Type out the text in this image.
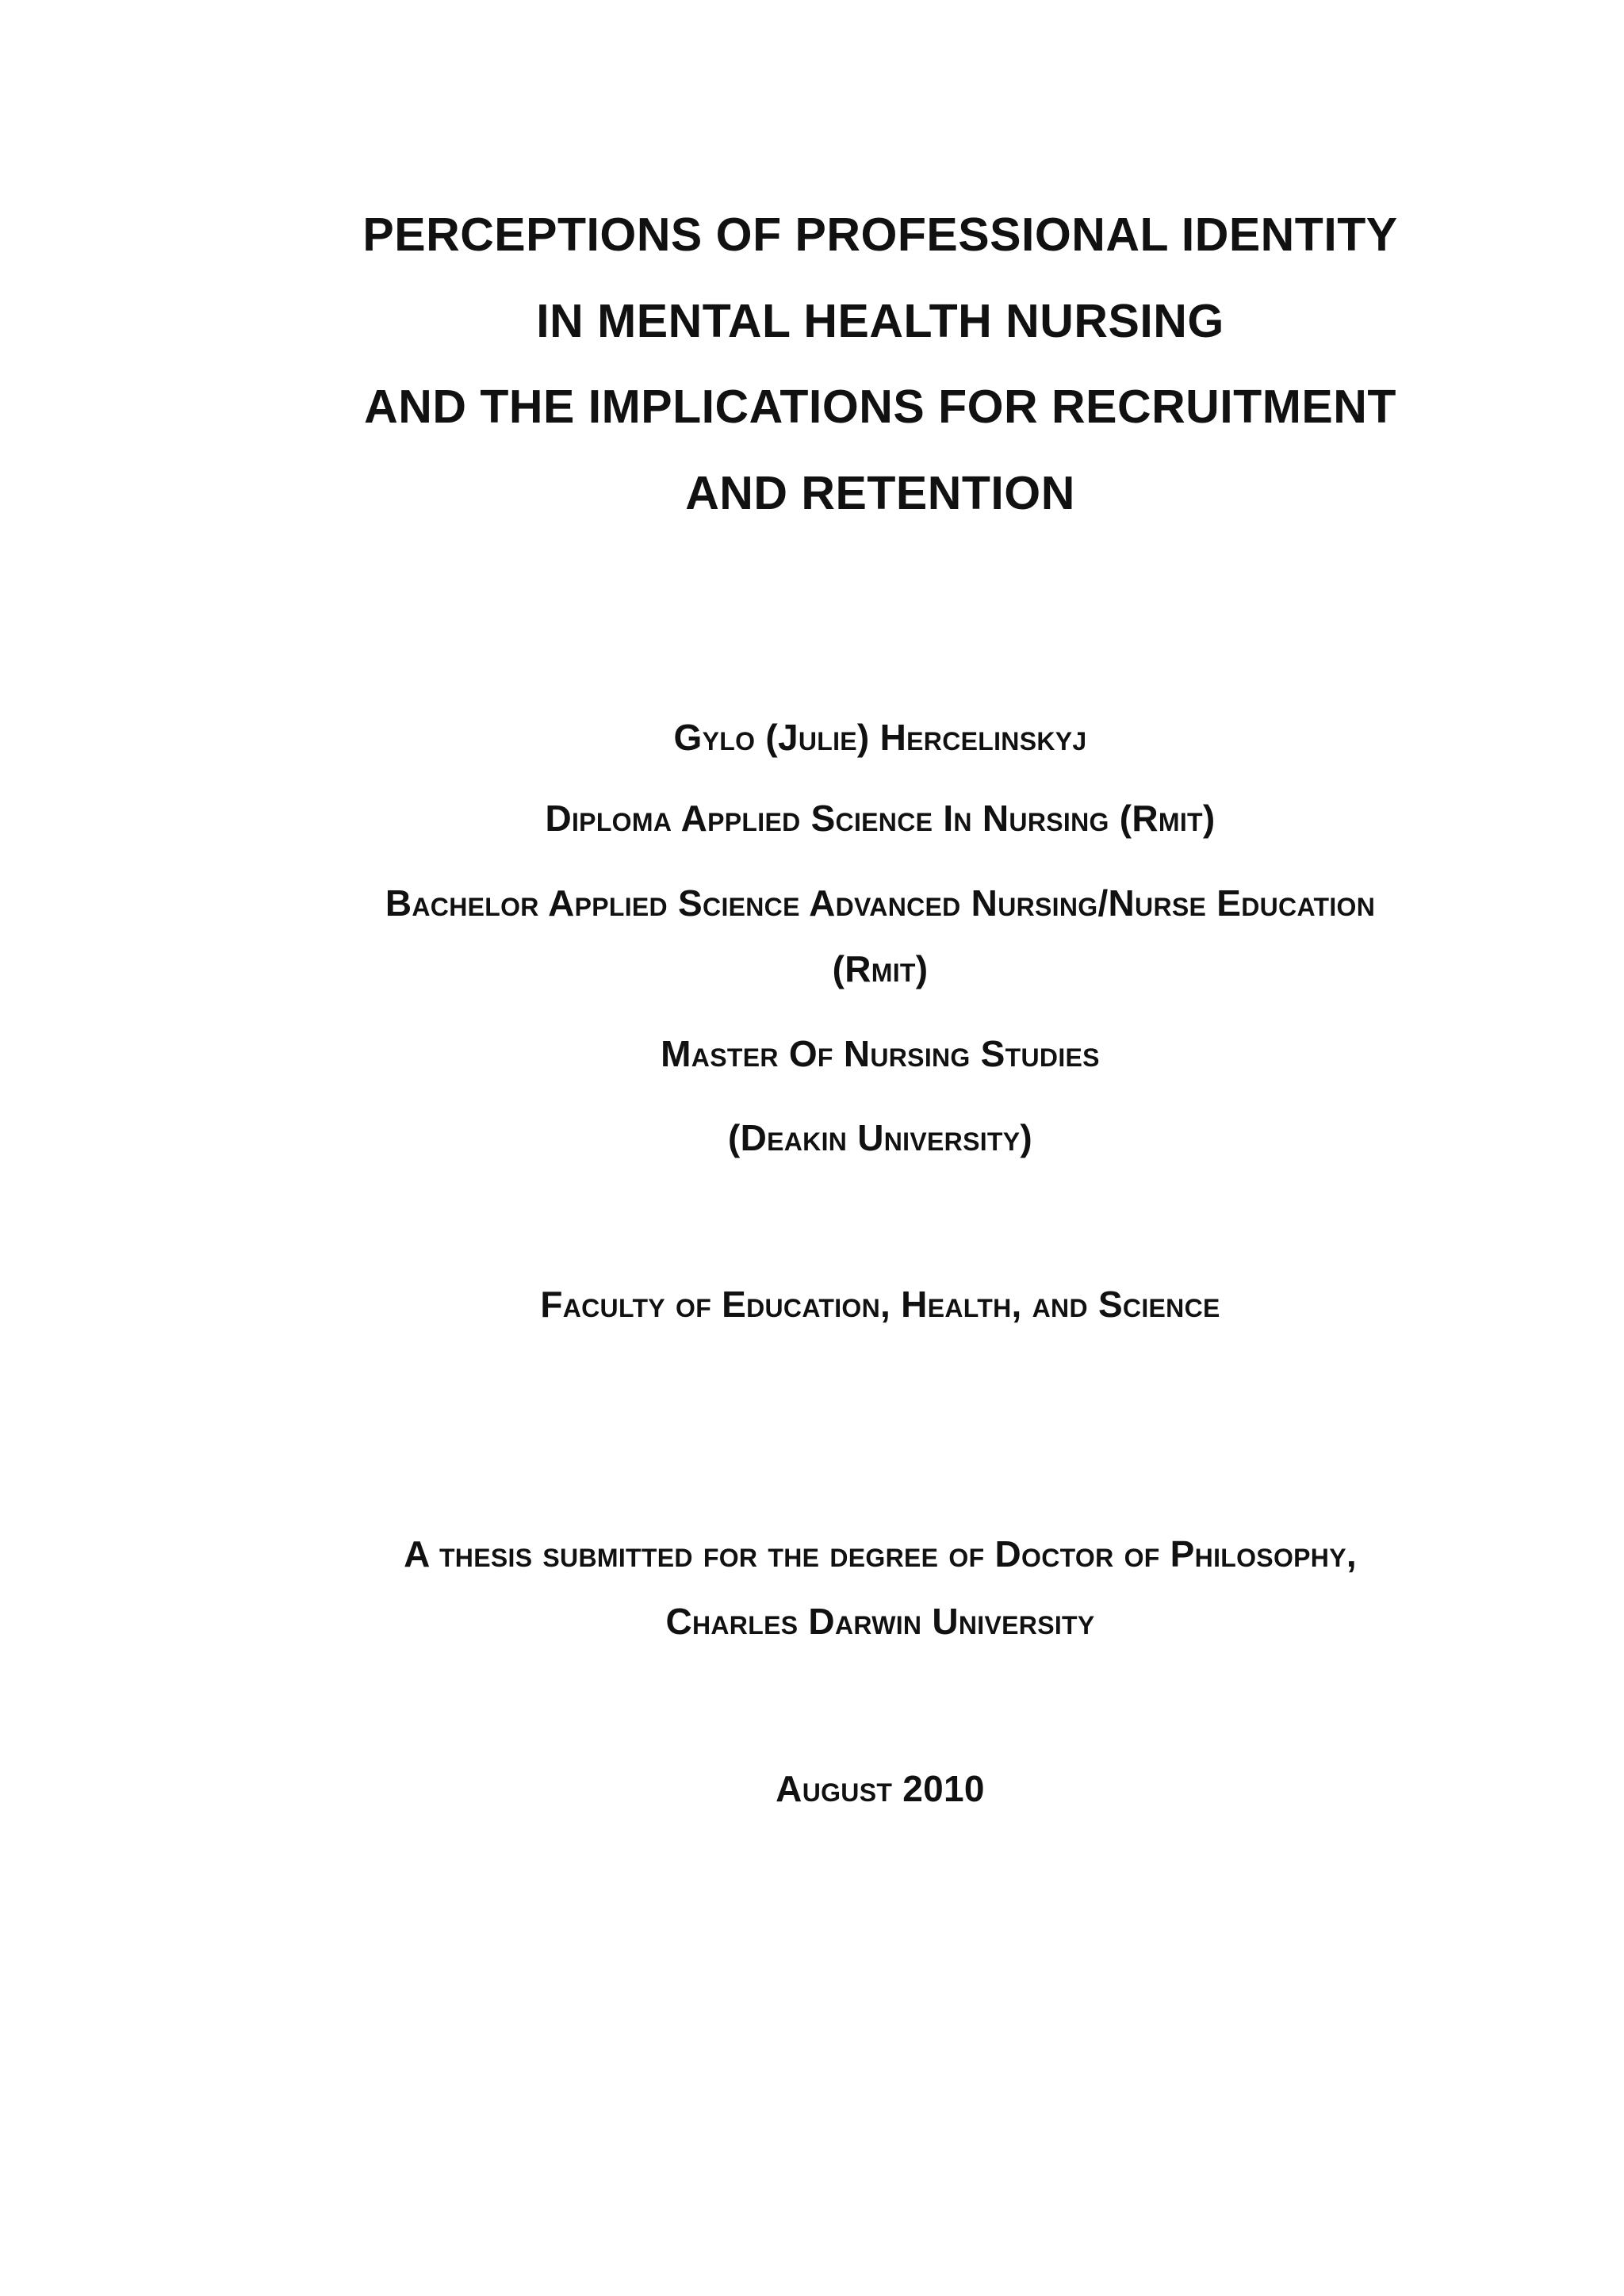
PERCEPTIONS OF PROFESSIONAL IDENTITY
IN MENTAL HEALTH NURSING
AND THE IMPLICATIONS FOR RECRUITMENT
AND RETENTION

Gylo (Julie) Hercelinskyj

Diploma Applied Science In Nursing (Rmit)

Bachelor Applied Science Advanced Nursing/Nurse Education

(Rmit)

Master Of Nursing Studies

(Deakin University)

Faculty of Education, Health, and Science

A thesis submitted for the degree of Doctor of Philosophy,

Charles Darwin University

August 2010
